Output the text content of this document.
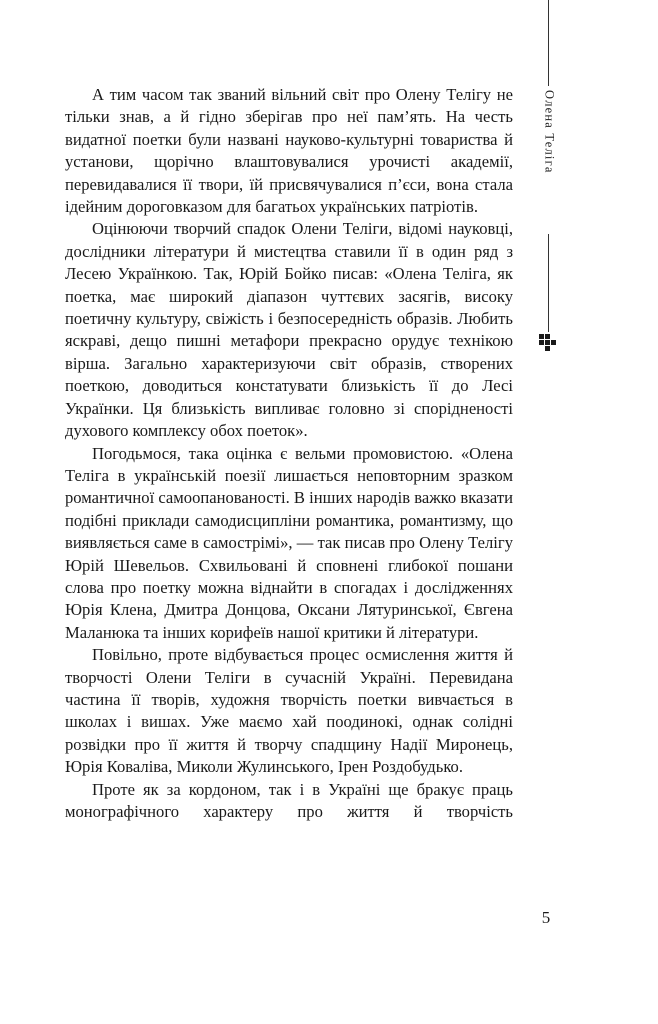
Олена Теліга

А тим часом так званий вільний світ про Олену Телігу не тільки знав, а й гідно зберігав про неї пам’ять. На честь видатної поетки були названі науково-культурні товариства й установи, щорічно влаштовувалися урочисті академії, перевидавалися її твори, їй присвячувалися п’єси, вона стала ідейним дороговказом для багатьох українських патріотів.

Оцінюючи творчий спадок Олени Теліги, відомі науковці, дослідники літератури й мистецтва ставили її в один ряд з Лесею Українкою. Так, Юрій Бойко писав: «Олена Теліга, як поетка, має широкий діапазон чуттєвих засягів, високу поетичну культуру, свіжість і безпосередність образів. Любить яскраві, дещо пишні метафори прекрасно орудує технікою вірша. Загально характеризуючи світ образів, створених поеткою, доводиться констатувати близькість її до Лесі Українки. Ця близькість випливає головно зі спорідненості духового комплексу обох поеток».

Погодьмося, така оцінка є вельми промовистою. «Олена Теліга в українській поезії лишається неповторним зразком романтичної самоопанованості. В інших народів важко вказати подібні приклади самодисципліни романтика, романтизму, що виявляється саме в самострімі», — так писав про Олену Телігу Юрій Шевельов. Схвильовані й сповнені глибокої пошани слова про поетку можна віднайти в спогадах і дослідженнях Юрія Клена, Дмитра Донцова, Оксани Лятуринської, Євгена Маланюка та інших корифеїв нашої критики й літератури.

Повільно, проте відбувається процес осмислення життя й творчості Олени Теліги в сучасній Україні. Перевидана частина її творів, художня творчість поетки вивчається в школах і вишах. Уже маємо хай поодинокі, однак солідні розвідки про її життя й творчу спадщину Надії Миронець, Юрія Коваліва, Миколи Жулинського, Ірен Роздобудько.

Проте як за кордоном, так і в Україні ще бракує праць монографічного характеру про життя й творчість

5
